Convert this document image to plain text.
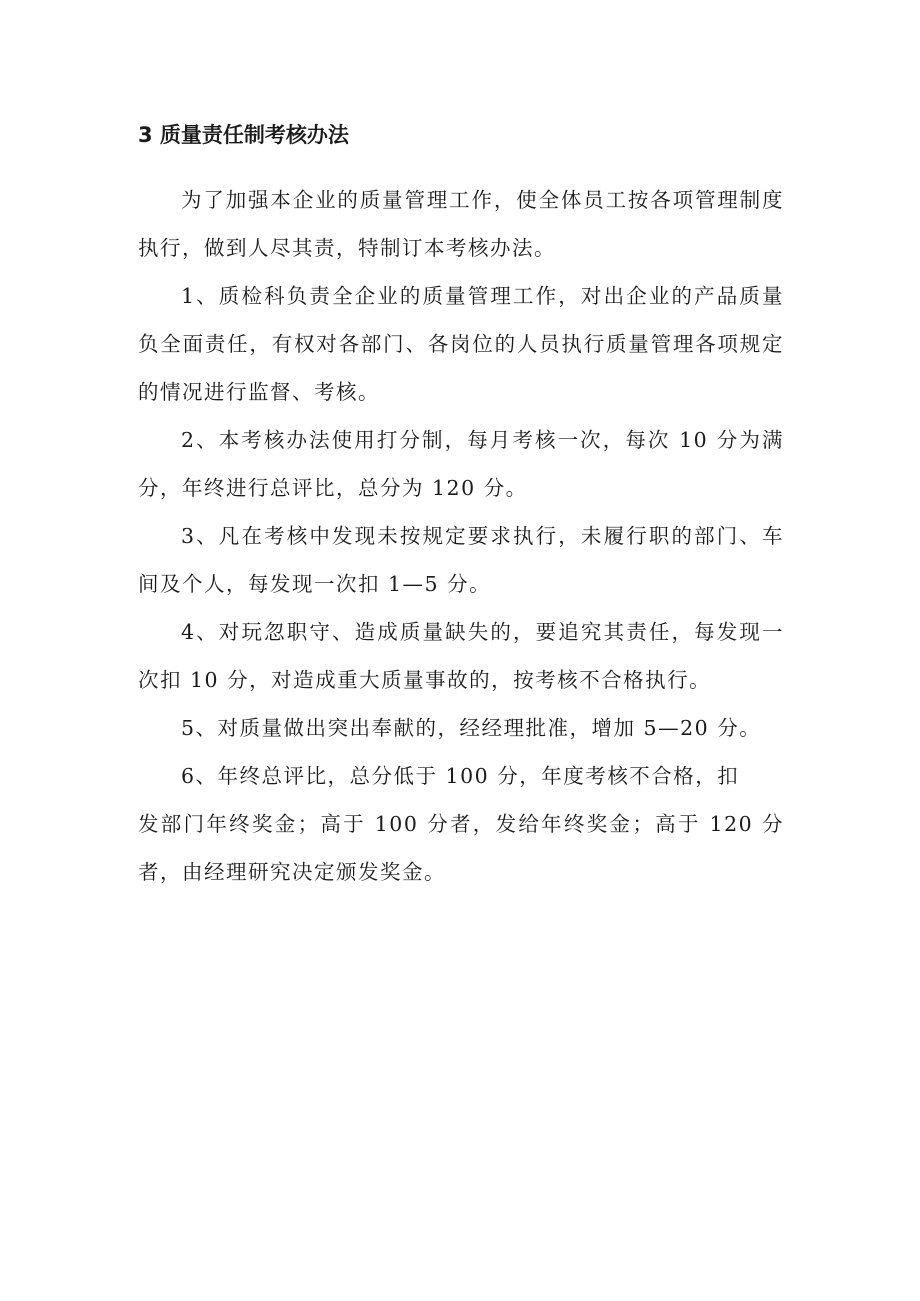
3 质量责任制考核办法

为了加强本企业的质量管理工作，使全体员工按各项管理制度执行，做到人尽其责，特制订本考核办法。

1、质检科负责全企业的质量管理工作，对出企业的产品质量负全面责任，有权对各部门、各岗位的人员执行质量管理各项规定的情况进行监督、考核。

2、本考核办法使用打分制，每月考核一次，每次 10 分为满分，年终进行总评比，总分为 120 分。

3、凡在考核中发现未按规定要求执行，未履行职的部门、车间及个人，每发现一次扣 1—5 分。

4、对玩忽职守、造成质量缺失的，要追究其责任，每发现一次扣 10 分，对造成重大质量事故的，按考核不合格执行。

5、对质量做出突出奉献的，经经理批准，增加 5—20 分。

6、年终总评比，总分低于 100 分，年度考核不合格，扣
发部门年终奖金；高于 100 分者，发给年终奖金；高于 120 分者，由经理研究决定颁发奖金。
